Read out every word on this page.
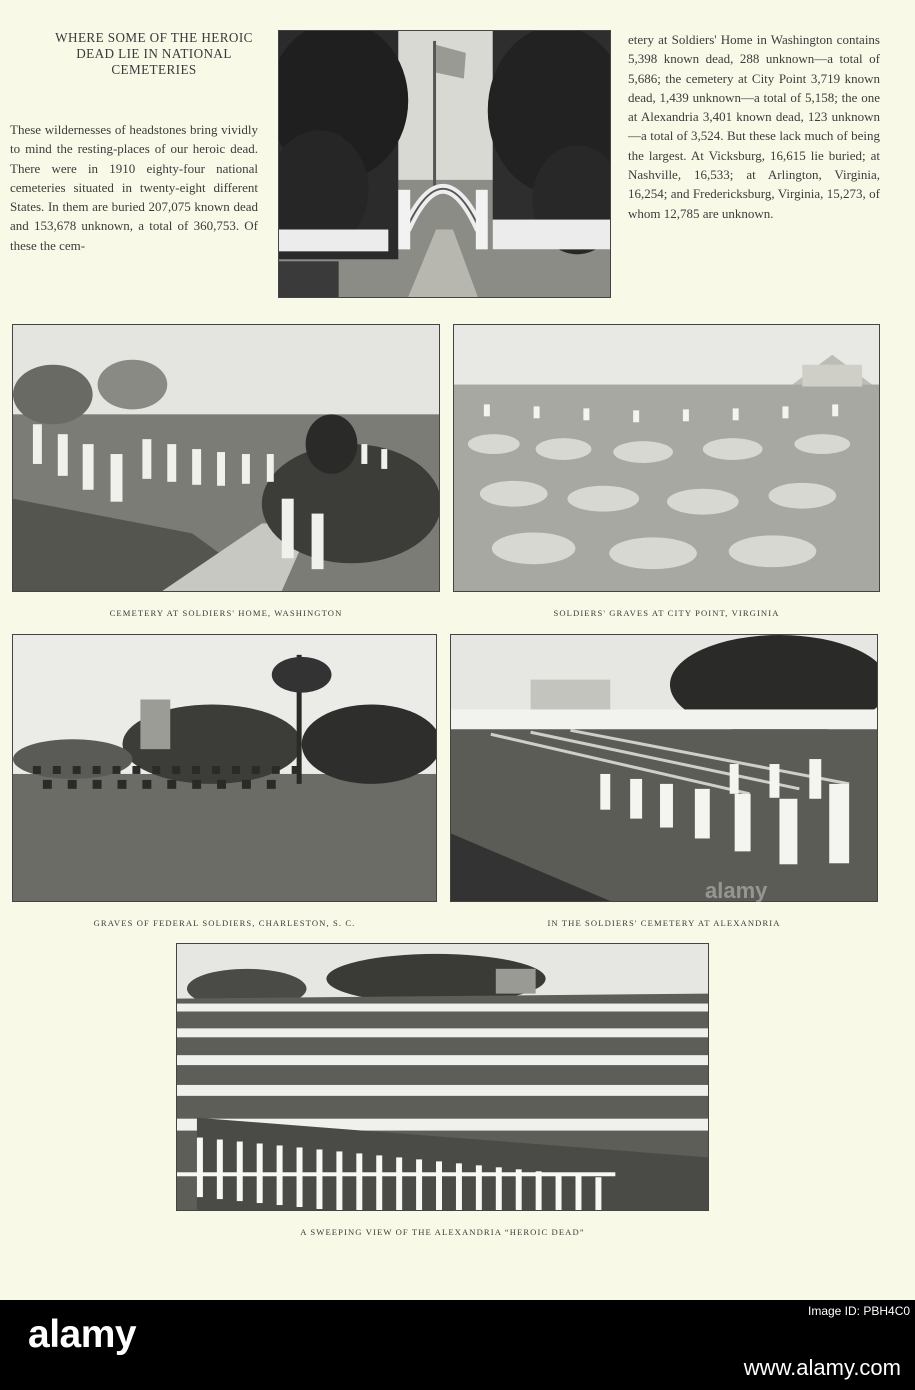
WHERE SOME OF THE HEROIC DEAD LIE IN NATIONAL CEMETERIES
These wildernesses of headstones bring vividly to mind the resting-places of our heroic dead. There were in 1910 eighty-four national cemeteries situated in twenty-eight different States. In them are buried 207,075 known dead and 153,678 unknown, a total of 360,753. Of these the cem-
etery at Soldiers' Home in Washington contains 5,398 known dead, 288 unknown—a total of 5,686; the cemetery at City Point 3,719 known dead, 1,439 unknown—a total of 5,158; the one at Alexandria 3,401 known dead, 123 unknown—a total of 3,524. But these lack much of being the largest. At Vicksburg, 16,615 lie buried; at Nashville, 16,533; at Arlington, Virginia, 16,254; and Fredericksburg, Virginia, 15,273, of whom 12,785 are unknown.
CEMETERY AT SOLDIERS' HOME, WASHINGTON	SOLDIERS' GRAVES AT CITY POINT, VIRGINIA
GRAVES OF FEDERAL SOLDIERS, CHARLESTON, S. C.	IN THE SOLDIERS' CEMETERY AT ALEXANDRIA
A SWEEPING VIEW OF THE ALEXANDRIA “HEROIC DEAD”
alamy
alamy
Image ID: PBH4C0
www.alamy.com
